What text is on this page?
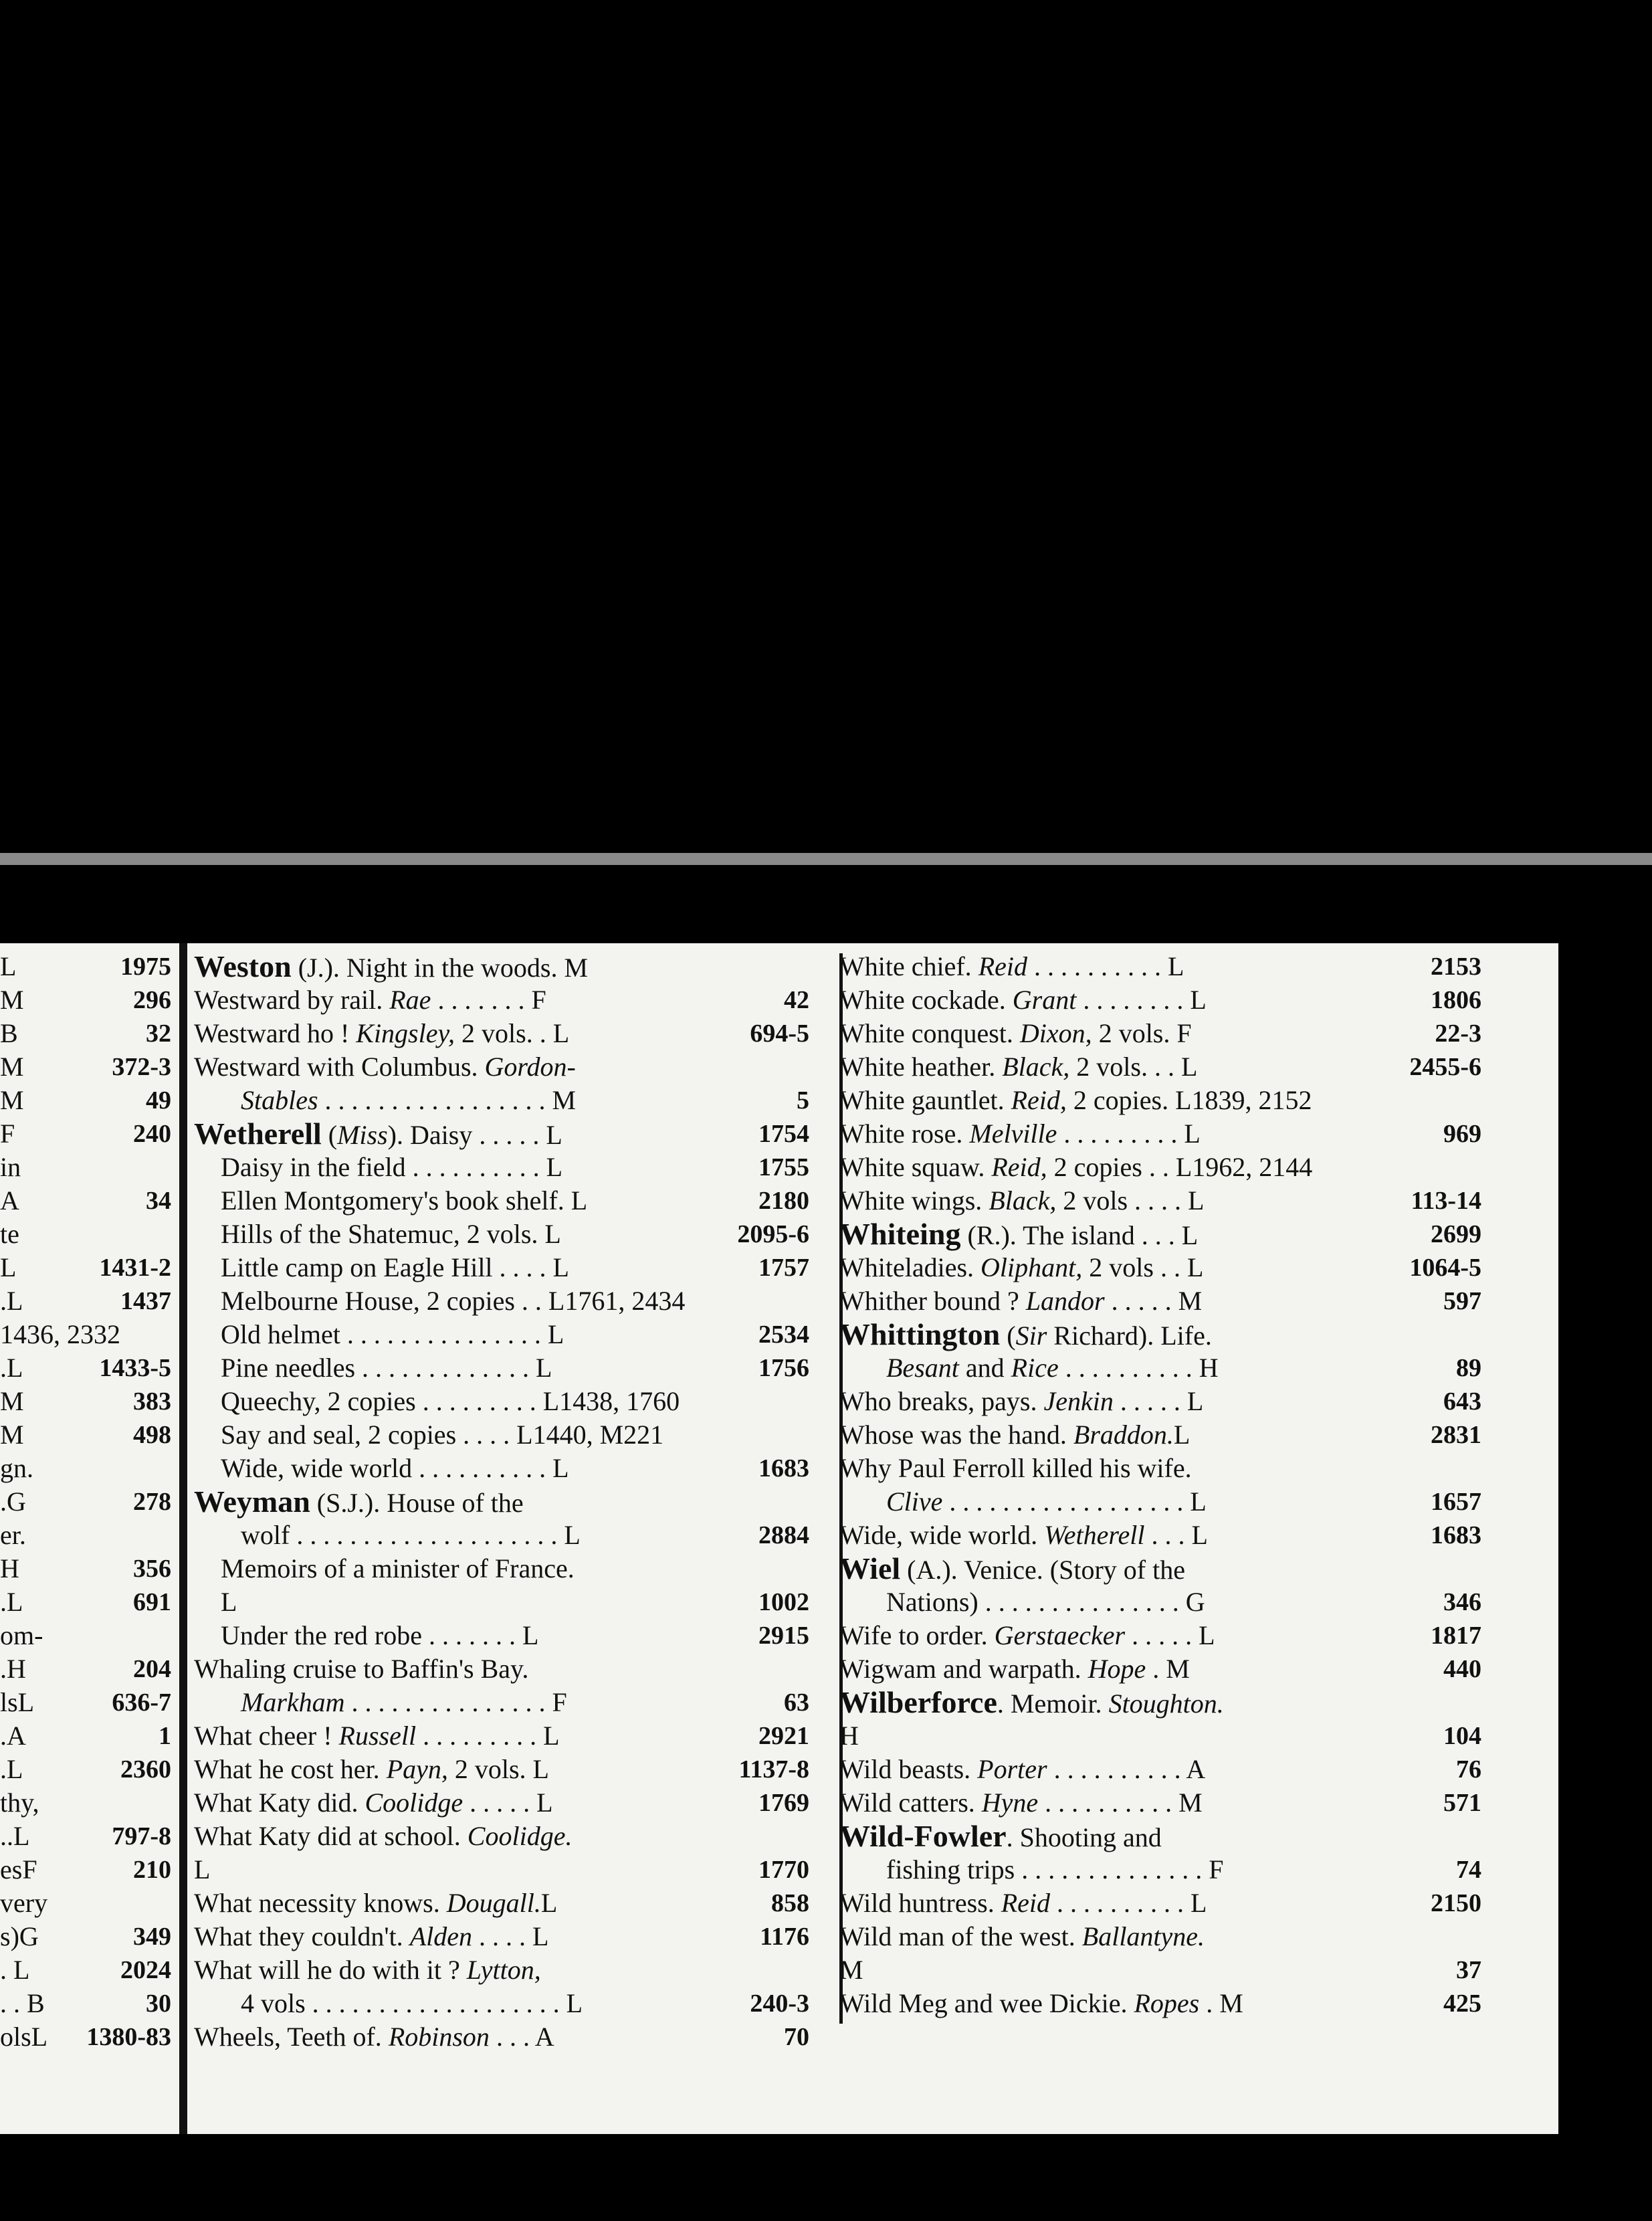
L	1975
M	296
B	32
M	372-3
M	49
F	240
in
A	34
te
L	1431-2
.L	1437
1436, 2332
.L	1433-5
M	383
M	498
gn.
.G	278
er.
H	356
.L	691
om-
.H	204
lsL	636-7
.A	1
.L	2360
thy,
..L	797-8
esF	210
very
s)G	349
. L	2024
. . B	30
olsL 1380-83
Weston (J.). Night in the woods. M
Westward by rail. Rae . . . . . . . F	42
Westward ho ! Kingsley, 2 vols. . L	694-5
Westward with Columbus. Gordon-
Stables . . . . . . . . . . . . . . . . . M	5
Wetherell (Miss). Daisy . . . . . L	1754
Daisy in the field . . . . . . . . . . L	1755
Ellen Montgomery's book shelf. L	2180
Hills of the Shatemuc, 2 vols. L	2095-6
Little camp on Eagle Hill . . . . L	1757
Melbourne House, 2 copies . . L1761, 2434
Old helmet . . . . . . . . . . . . . . . L	2534
Pine needles . . . . . . . . . . . . . L	1756
Queechy, 2 copies . . . . . . . . . L1438, 1760
Say and seal, 2 copies . . . . L1440, M221
Wide, wide world . . . . . . . . . . L	1683
Weyman (S.J.). House of the
wolf . . . . . . . . . . . . . . . . . . . . L	2884
Memoirs of a minister of France.
L	1002
Under the red robe . . . . . . . L	2915
Whaling cruise to Baffin's Bay.
Markham . . . . . . . . . . . . . . . F	63
What cheer ! Russell . . . . . . . . . L	2921
What he cost her. Payn, 2 vols. L	1137-8
What Katy did. Coolidge . . . . . L	1769
What Katy did at school. Coolidge.
L	1770
What necessity knows. Dougall.L	858
What they couldn't. Alden . . . . L	1176
What will he do with it ? Lytton,
4 vols . . . . . . . . . . . . . . . . . . . L	240-3
Wheels, Teeth of. Robinson . . . A	70
White chief. Reid . . . . . . . . . . L	2153
White cockade. Grant . . . . . . . . L	1806
White conquest. Dixon, 2 vols. F	22-3
White heather. Black, 2 vols. . . L	2455-6
White gauntlet. Reid, 2 copies. L1839, 2152
White rose. Melville . . . . . . . . . L	969
White squaw. Reid, 2 copies . . L1962, 2144
White wings. Black, 2 vols . . . . L	113-14
Whiteing (R.). The island . . . L	2699
Whiteladies. Oliphant, 2 vols . . L	1064-5
Whither bound ? Landor . . . . . M	597
Whittington (Sir Richard). Life.
Besant and Rice . . . . . . . . . . H	89
Who breaks, pays. Jenkin . . . . . L	643
Whose was the hand. Braddon.L	2831
Why Paul Ferroll killed his wife.
Clive . . . . . . . . . . . . . . . . . . L	1657
Wide, wide world. Wetherell . . . L	1683
Wiel (A.). Venice. (Story of the
Nations) . . . . . . . . . . . . . . . G	346
Wife to order. Gerstaecker . . . . . L	1817
Wigwam and warpath. Hope . M	440
Wilberforce. Memoir. Stoughton.
H	104
Wild beasts. Porter . . . . . . . . . . A	76
Wild catters. Hyne . . . . . . . . . . M	571
Wild-Fowler. Shooting and
fishing trips . . . . . . . . . . . . . . F	74
Wild huntress. Reid . . . . . . . . . . L	2150
Wild man of the west. Ballantyne.
M	37
Wild Meg and wee Dickie. Ropes . M	425
